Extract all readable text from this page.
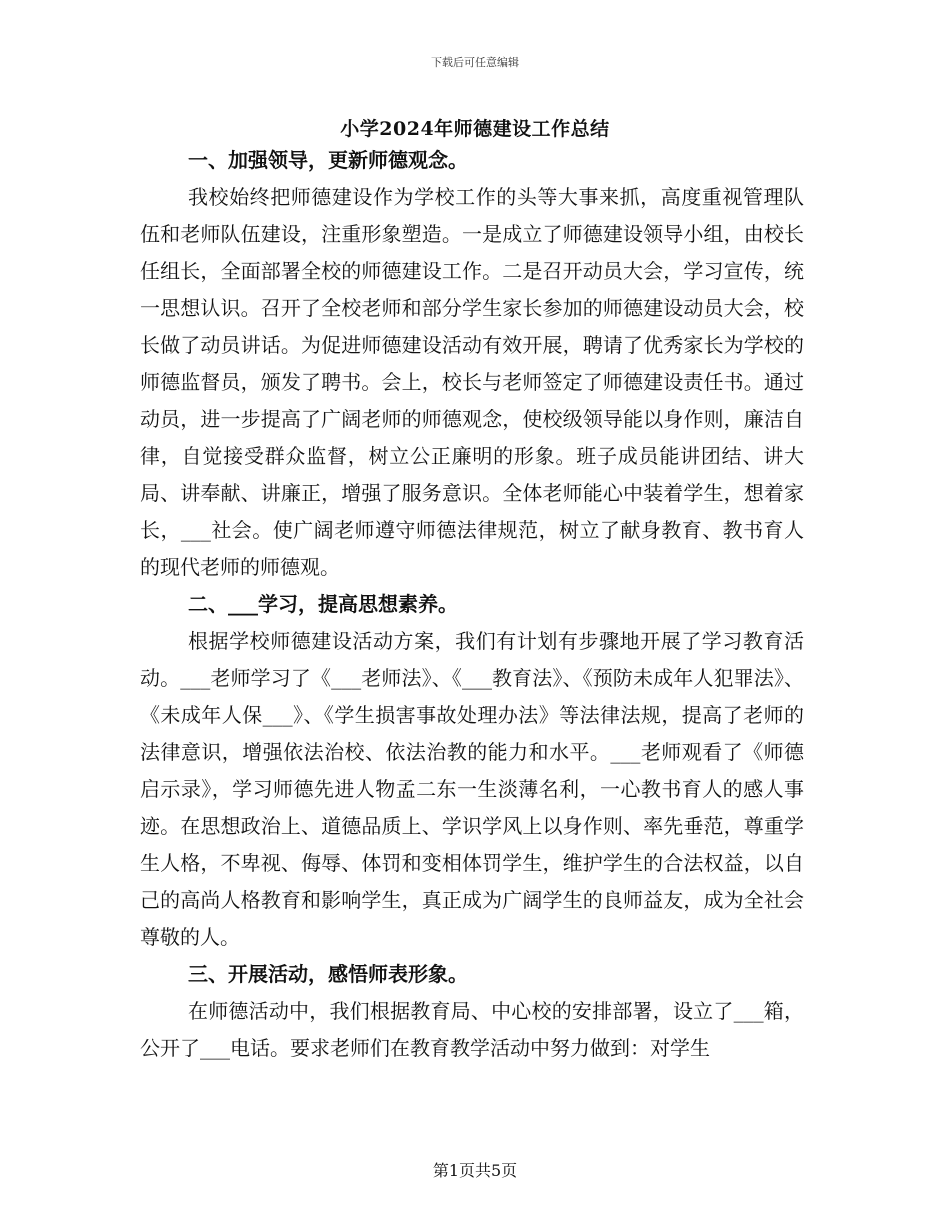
下载后可任意编辑
小学2024年师德建设工作总结

一、加强领导，更新师德观念。

我校始终把师德建设作为学校工作的头等大事来抓，高度重视管理队伍和老师队伍建设，注重形象塑造。一是成立了师德建设领导小组，由校长任组长，全面部署全校的师德建设工作。二是召开动员大会，学习宣传，统一思想认识。召开了全校老师和部分学生家长参加的师德建设动员大会，校长做了动员讲话。为促进师德建设活动有效开展，聘请了优秀家长为学校的师德监督员，颁发了聘书。会上，校长与老师签定了师德建设责任书。通过动员，进一步提高了广阔老师的师德观念，使校级领导能以身作则，廉洁自律，自觉接受群众监督，树立公正廉明的形象。班子成员能讲团结、讲大局、讲奉献、讲廉正，增强了服务意识。全体老师能心中装着学生，想着家长，___社会。使广阔老师遵守师德法律规范，树立了献身教育、教书育人的现代老师的师德观。

二、___学习，提高思想素养。

根据学校师德建设活动方案，我们有计划有步骤地开展了学习教育活动。___老师学习了《___老师法》、《___教育法》、《预防未成年人犯罪法》、《未成年人保___》、《学生损害事故处理办法》等法律法规，提高了老师的法律意识，增强依法治校、依法治教的能力和水平。___老师观看了《师德启示录》，学习师德先进人物孟二东一生淡薄名利，一心教书育人的感人事迹。在思想政治上、道德品质上、学识学风上以身作则、率先垂范，尊重学生人格，不卑视、侮辱、体罚和变相体罚学生，维护学生的合法权益，以自己的高尚人格教育和影响学生，真正成为广阔学生的良师益友，成为全社会尊敬的人。

三、开展活动，感悟师表形象。

在师德活动中，我们根据教育局、中心校的安排部署，设立了___箱，公开了___电话。要求老师们在教育教学活动中努力做到：对学生

第1页共5页
